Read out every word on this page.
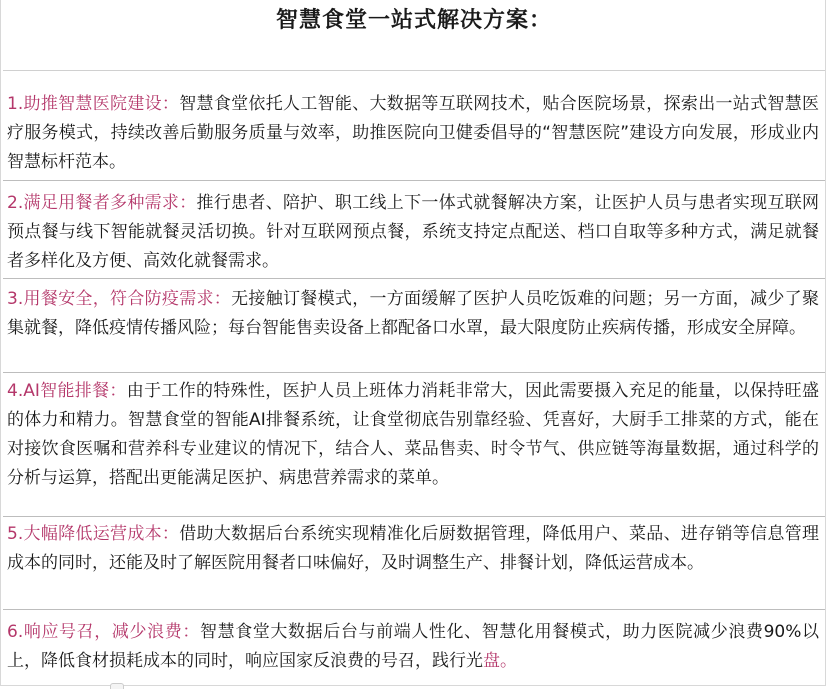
智慧食堂一站式解决方案：
1.助推智慧医院建设：智慧食堂依托人工智能、大数据等互联网技术，贴合医院场景，探索出一站式智慧医疗服务模式，持续改善后勤服务质量与效率，助推医院向卫健委倡导的“智慧医院”建设方向发展，形成业内智慧标杆范本。
2.满足用餐者多种需求：推行患者、陪护、职工线上下一体式就餐解决方案，让医护人员与患者实现互联网预点餐与线下智能就餐灵活切换。针对互联网预点餐，系统支持定点配送、档口自取等多种方式，满足就餐者多样化及方便、高效化就餐需求。
3.用餐安全，符合防疫需求：无接触订餐模式，一方面缓解了医护人员吃饭难的问题；另一方面，减少了聚集就餐，降低疫情传播风险；每台智能售卖设备上都配备口水罩，最大限度防止疾病传播，形成安全屏障。
4.AI智能排餐：由于工作的特殊性，医护人员上班体力消耗非常大，因此需要摄入充足的能量，以保持旺盛的体力和精力。智慧食堂的智能AI排餐系统，让食堂彻底告别靠经验、凭喜好，大厨手工排菜的方式，能在对接饮食医嘱和营养科专业建议的情况下，结合人、菜品售卖、时令节气、供应链等海量数据，通过科学的分析与运算，搭配出更能满足医护、病患营养需求的菜单。
5.大幅降低运营成本：借助大数据后台系统实现精准化后厨数据管理，降低用户、菜品、进存销等信息管理成本的同时，还能及时了解医院用餐者口味偏好，及时调整生产、排餐计划，降低运营成本。
6.响应号召，减少浪费：智慧食堂大数据后台与前端人性化、智慧化用餐模式，助力医院减少浪费90%以上，降低食材损耗成本的同时，响应国家反浪费的号召，践行光盘。
